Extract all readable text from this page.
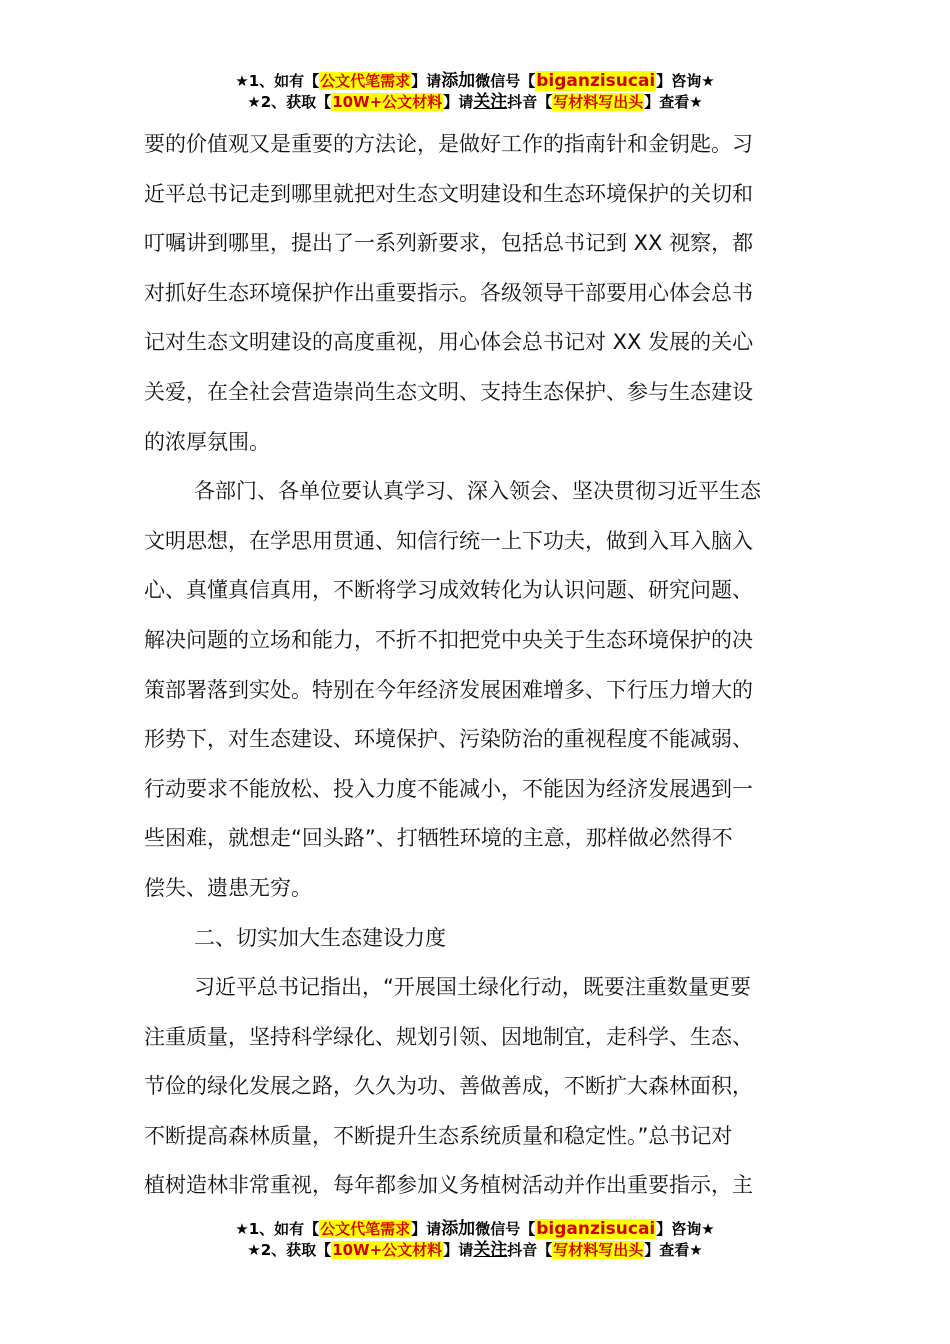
★1、如有【公文代笔需求】请添加微信号【biganzisucai】咨询★
★2、获取【10W+公文材料】请关注抖音【写材料写出头】查看★
要的价值观又是重要的方法论，是做好工作的指南针和金钥匙。习
近平总书记走到哪里就把对生态文明建设和生态环境保护的关切和
叮嘱讲到哪里，提出了一系列新要求，包括总书记到 XX 视察，都
对抓好生态环境保护作出重要指示。各级领导干部要用心体会总书
记对生态文明建设的高度重视，用心体会总书记对 XX 发展的关心
关爱，在全社会营造崇尚生态文明、支持生态保护、参与生态建设
的浓厚氛围。
各部门、各单位要认真学习、深入领会、坚决贯彻习近平生态
文明思想，在学思用贯通、知信行统一上下功夫，做到入耳入脑入
心、真懂真信真用，不断将学习成效转化为认识问题、研究问题、
解决问题的立场和能力，不折不扣把党中央关于生态环境保护的决
策部署落到实处。特别在今年经济发展困难增多、下行压力增大的
形势下，对生态建设、环境保护、污染防治的重视程度不能减弱、
行动要求不能放松、投入力度不能减小，不能因为经济发展遇到一
些困难，就想走“回头路”、打牺牲环境的主意，那样做必然得不
偿失、遗患无穷。
二、切实加大生态建设力度
习近平总书记指出，“开展国土绿化行动，既要注重数量更要
注重质量，坚持科学绿化、规划引领、因地制宜，走科学、生态、
节俭的绿化发展之路，久久为功、善做善成，不断扩大森林面积，
不断提高森林质量，不断提升生态系统质量和稳定性。”总书记对
植树造林非常重视，每年都参加义务植树活动并作出重要指示，主
★1、如有【公文代笔需求】请添加微信号【biganzisucai】咨询★
★2、获取【10W+公文材料】请关注抖音【写材料写出头】查看★
